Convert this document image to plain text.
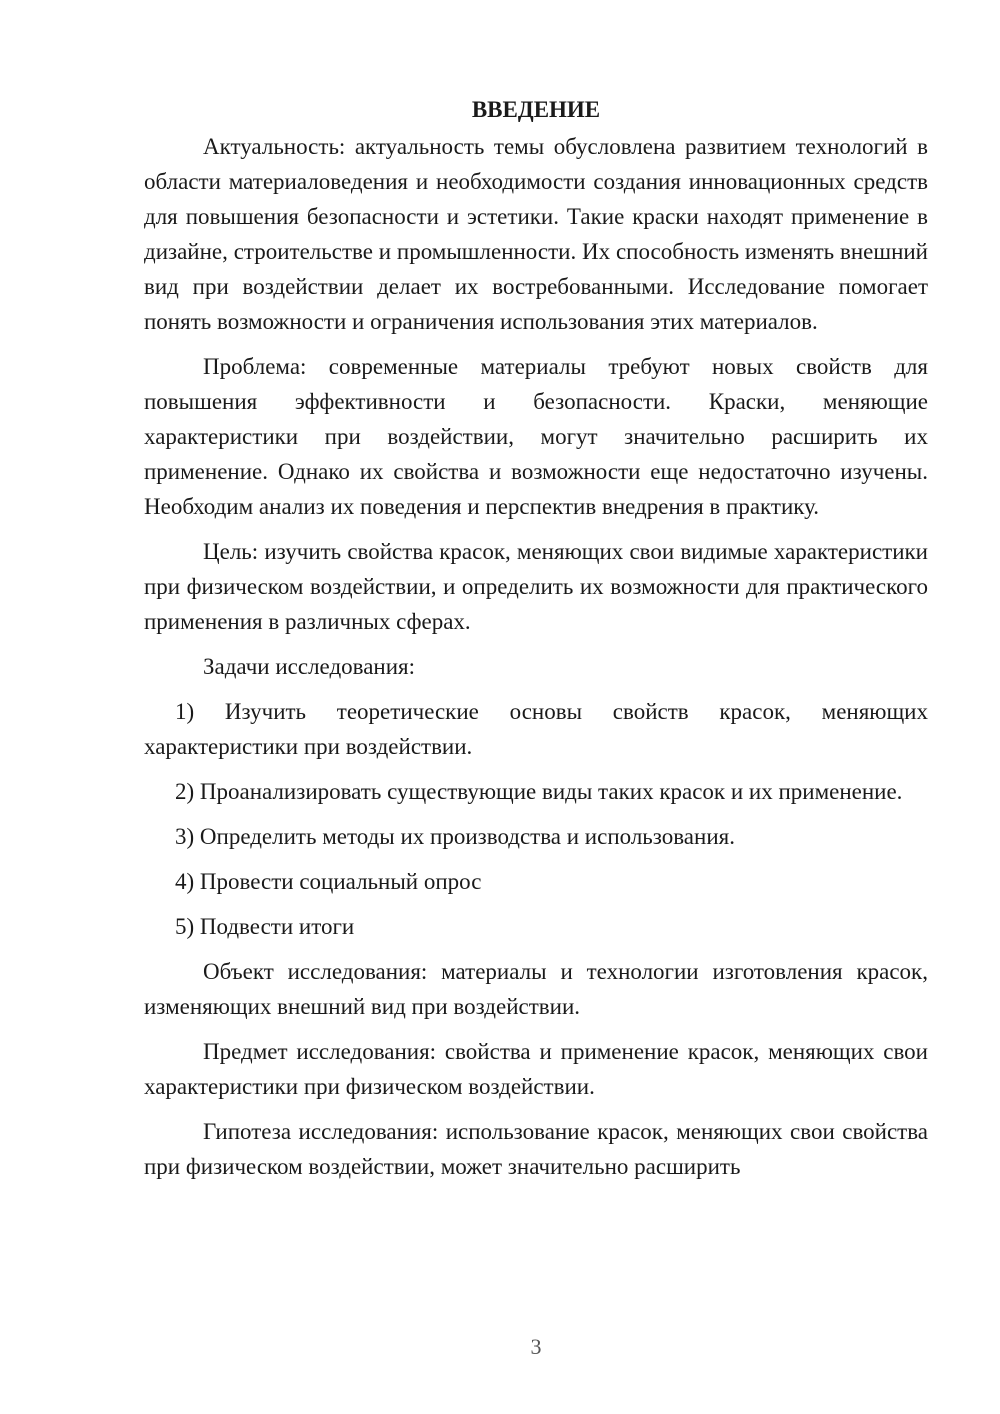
ВВЕДЕНИЕ

Актуальность: актуальность темы обусловлена развитием технологий в области материаловедения и необходимости создания инновационных средств для повышения безопасности и эстетики. Такие краски находят применение в дизайне, строительстве и промышленности. Их способность изменять внешний вид при воздействии делает их востребованными. Исследование помогает понять возможности и ограничения использования этих материалов.

Проблема: современные материалы требуют новых свойств для повышения эффективности и безопасности. Краски, меняющие характеристики при воздействии, могут значительно расширить их применение. Однако их свойства и возможности еще недостаточно изучены. Необходим анализ их поведения и перспектив внедрения в практику.

Цель: изучить свойства красок, меняющих свои видимые характеристики при физическом воздействии, и определить их возможности для практического применения в различных сферах.

Задачи исследования:

1) Изучить теоретические основы свойств красок, меняющих характеристики при воздействии.

2) Проанализировать существующие виды таких красок и их применение.

3) Определить методы их производства и использования.

4) Провести социальный опрос

5) Подвести итоги

Объект исследования: материалы и технологии изготовления красок, изменяющих внешний вид при воздействии.

Предмет исследования: свойства и применение красок, меняющих свои характеристики при физическом воздействии.

Гипотеза исследования: использование красок, меняющих свои свойства при физическом воздействии, может значительно расширить

3
